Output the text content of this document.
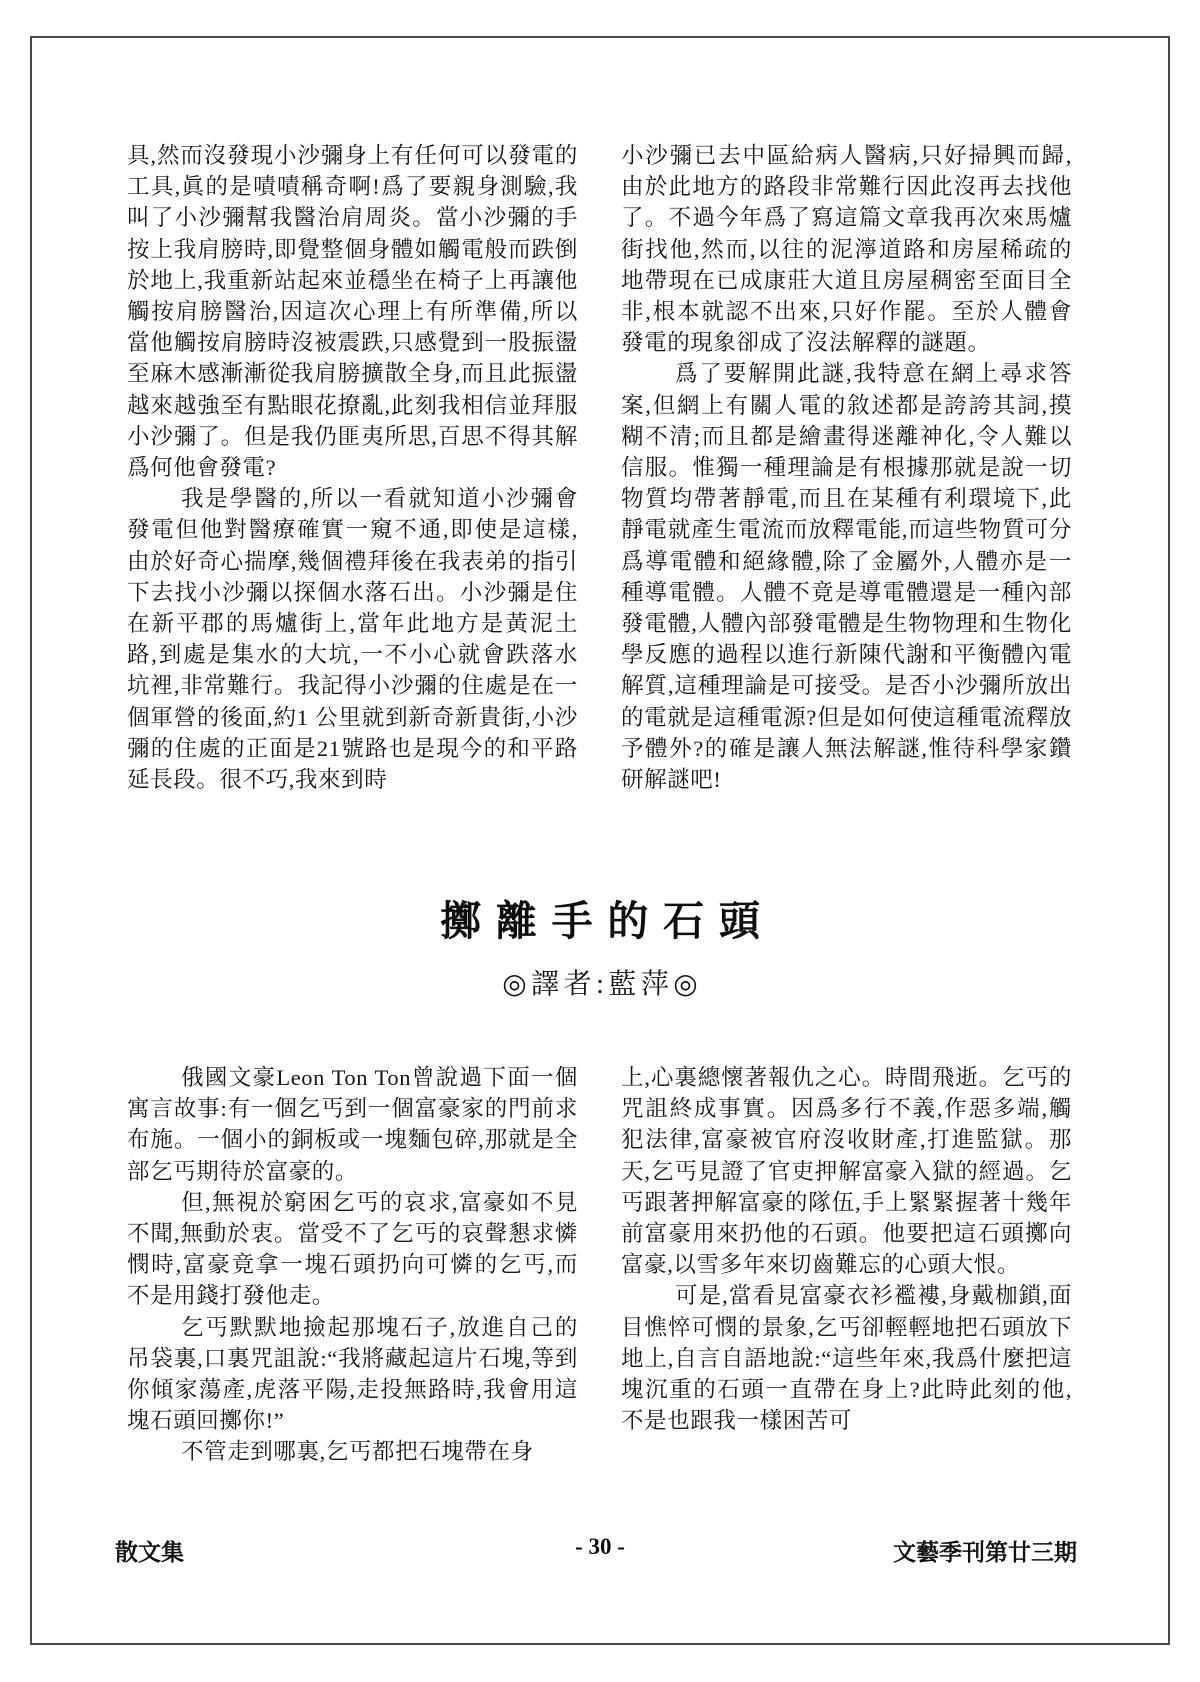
具,然而沒發現小沙彌身上有任何可以發電的工具,眞的是嘖嘖稱奇啊!爲了要親身測驗,我叫了小沙彌幫我醫治肩周炎。當小沙彌的手按上我肩膀時,即覺整個身體如觸電般而跌倒於地上,我重新站起來並穩坐在椅子上再讓他觸按肩膀醫治,因這次心理上有所準備,所以當他觸按肩膀時沒被震跌,只感覺到一股振盪至麻木感漸漸從我肩膀擴散全身,而且此振盪越來越強至有點眼花撩亂,此刻我相信並拜服小沙彌了。但是我仍匪夷所思,百思不得其解爲何他會發電?

我是學醫的,所以一看就知道小沙彌會發電但他對醫療確實一窺不通,即使是這樣,由於好奇心揣摩,幾個禮拜後在我表弟的指引下去找小沙彌以探個水落石出。小沙彌是住在新平郡的馬爐街上,當年此地方是黃泥土路,到處是集水的大坑,一不小心就會跌落水坑裡,非常難行。我記得小沙彌的住處是在一個軍營的後面,約1 公里就到新奇新貴街,小沙彌的住處的正面是21號路也是現今的和平路延長段。很不巧,我來到時

小沙彌已去中區給病人醫病,只好掃興而歸,由於此地方的路段非常難行因此沒再去找他了。不過今年爲了寫這篇文章我再次來馬爐街找他,然而,以往的泥濘道路和房屋稀疏的地帶現在已成康莊大道且房屋稠密至面目全非,根本就認不出來,只好作罷。至於人體會發電的現象卻成了沒法解釋的謎題。

爲了要解開此謎,我特意在網上尋求答案,但網上有關人電的敘述都是誇誇其詞,摸糊不清;而且都是繪畫得迷離神化,令人難以信服。惟獨一種理論是有根據那就是說一切物質均帶著靜電,而且在某種有利環境下,此靜電就產生電流而放釋電能,而這些物質可分爲導電體和絕緣體,除了金屬外,人體亦是一種導電體。人體不竟是導電體還是一種內部發電體,人體內部發電體是生物物理和生物化學反應的過程以進行新陳代謝和平衡體內電解質,這種理論是可接受。是否小沙彌所放出的電就是這種電源?但是如何使這種電流釋放予體外?的確是讓人無法解謎,惟待科學家鑽研解謎吧!

擲離手的石頭
◎譯者:藍萍◎

俄國文豪Leon Ton Ton曾說過下面一個寓言故事:有一個乞丐到一個富豪家的門前求布施。一個小的銅板或一塊麵包碎,那就是全部乞丐期待於富豪的。

但,無視於窮困乞丐的哀求,富豪如不見不聞,無動於衷。當受不了乞丐的哀聲懇求憐憫時,富豪竟拿一塊石頭扔向可憐的乞丐,而不是用錢打發他走。

乞丐默默地撿起那塊石子,放進自己的吊袋裏,口裏咒詛說:“我將藏起這片石塊,等到你傾家蕩產,虎落平陽,走投無路時,我會用這塊石頭回擲你!”

不管走到哪裏,乞丐都把石塊帶在身

上,心裏總懷著報仇之心。時間飛逝。乞丐的咒詛終成事實。因爲多行不義,作惡多端,觸犯法律,富豪被官府沒收財產,打進監獄。那天,乞丐見證了官吏押解富豪入獄的經過。乞丐跟著押解富豪的隊伍,手上緊緊握著十幾年前富豪用來扔他的石頭。他要把這石頭擲向富豪,以雪多年來切齒難忘的心頭大恨。

可是,當看見富豪衣衫襤褸,身戴枷鎖,面目憔悴可憫的景象,乞丐卻輕輕地把石頭放下地上,自言自語地說:“這些年來,我爲什麼把這塊沉重的石頭一直帶在身上?此時此刻的他,不是也跟我一樣困苦可

散文集	- 30 -	文藝季刊第廿三期
